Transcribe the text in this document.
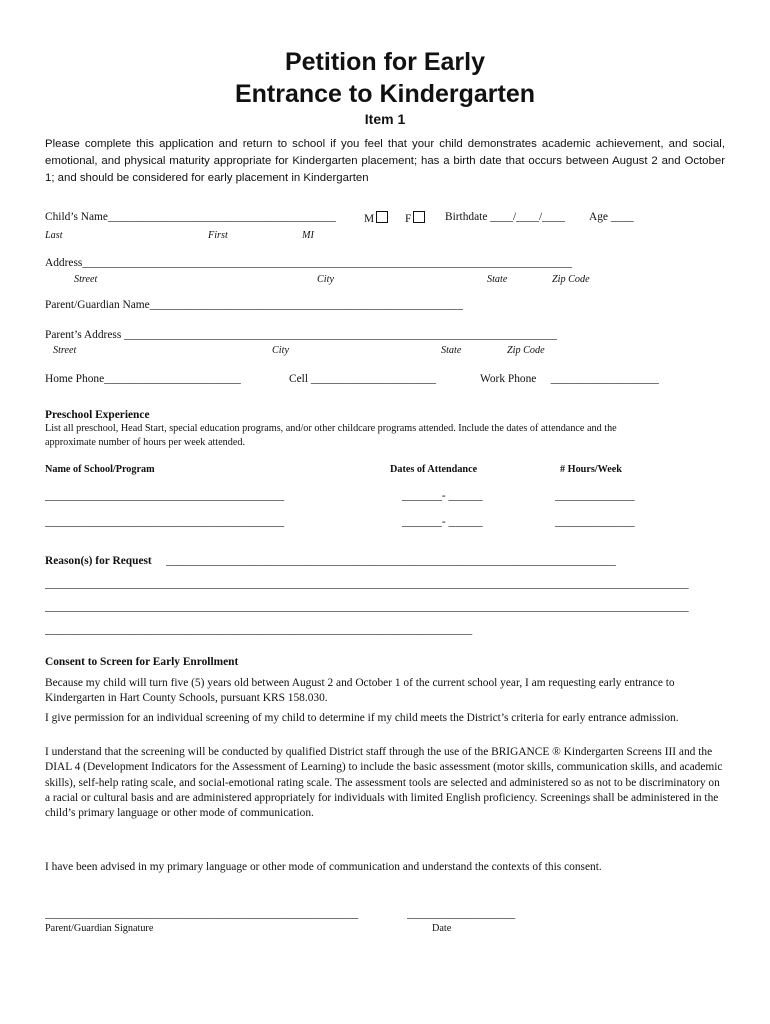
Petition for Early
Entrance to Kindergarten
Item 1
Please complete this application and return to school if you feel that your child demonstrates academic achievement, and social, emotional, and physical maturity appropriate for Kindergarten placement; has a birth date that occurs between August 2 and October 1; and should be considered for early placement in Kindergarten
Child’s Name________________________________________ M	F	Birthdate ____/____/____ Age ____
Last	First	MI
Address______________________________________________________________________________________
Street	City	State	Zip Code
Parent/Guardian Name_______________________________________________________
Parent’s Address ____________________________________________________________________________
Street	City	State	Zip Code
Home Phone________________________	Cell ______________________	Work Phone     ___________________
Preschool Experience
List all preschool, Head Start, special education programs, and/or other childcare programs attended. Include the dates of attendance and the
approximate number of hours per week attended.
Name of School/Program	Dates of Attendance	# Hours/Week
__________________________________________	_______- ______	______________
__________________________________________	_______- ______	______________
Reason(s) for Request _______________________________________________________________________________
_________________________________________________________________________________________________________________
_________________________________________________________________________________________________________________
___________________________________________________________________________
Consent to Screen for Early Enrollment
Because my child will turn five (5) years old between August 2 and October 1 of the current school year, I am requesting early entrance to Kindergarten in Hart County Schools, pursuant KRS 158.030.
I give permission for an individual screening of my child to determine if my child meets the District’s criteria for early entrance admission.
I understand that the screening will be conducted by qualified District staff through the use of the BRIGANCE ® Kindergarten Screens III and the DIAL 4 (Development Indicators for the Assessment of Learning) to include the basic assessment (motor skills, communication skills, and academic skills), self-help rating scale, and social-emotional rating scale. The assessment tools are selected and administered so as not to be discriminatory on a racial or cultural basis and are administered appropriately for individuals with limited English proficiency. Screenings shall be administered in the child’s primary language or other mode of communication.
I have been advised in my primary language or other mode of communication and understand the contexts of this consent.
_______________________________________________________
Parent/Guardian Signature
___________________
Date
